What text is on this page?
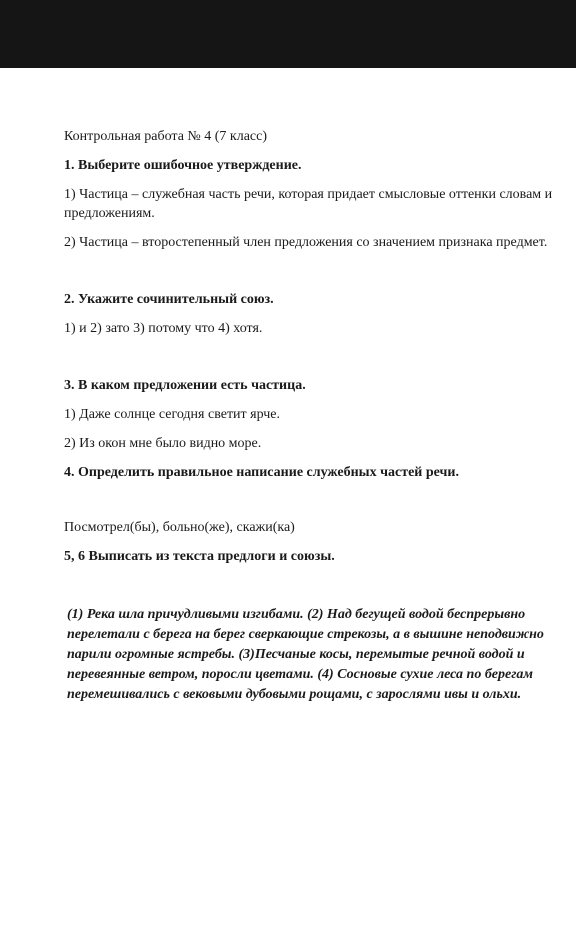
Контрольная работа № 4 (7 класс)

1. Выберите ошибочное утверждение.

1) Частица – служебная часть речи, которая придает смысловые оттенки словам и предложениям.

2) Частица – второстепенный член предложения со значением признака предмет.

2. Укажите сочинительный союз.

1) и 2) зато 3) потому что 4) хотя.

3. В каком предложении есть частица.

1) Даже солнце сегодня светит ярче.

2) Из окон мне было видно море.

4. Определить правильное написание служебных частей речи.

Посмотрел(бы), больно(же), скажи(ка)

5, 6 Выписать из текста предлоги и союзы.

(1) Река шла причудливыми изгибами. (2) Над бегущей водой беспрерывно перелетали с берега на берег сверкающие стрекозы, а в вышине неподвижно парили огромные ястребы. (3)Песчаные косы, перемытые речной водой и перевеянные ветром, поросли цветами. (4) Сосновые сухие леса по берегам перемешивались с вековыми дубовыми рощами, с зарослями ивы и ольхи.
